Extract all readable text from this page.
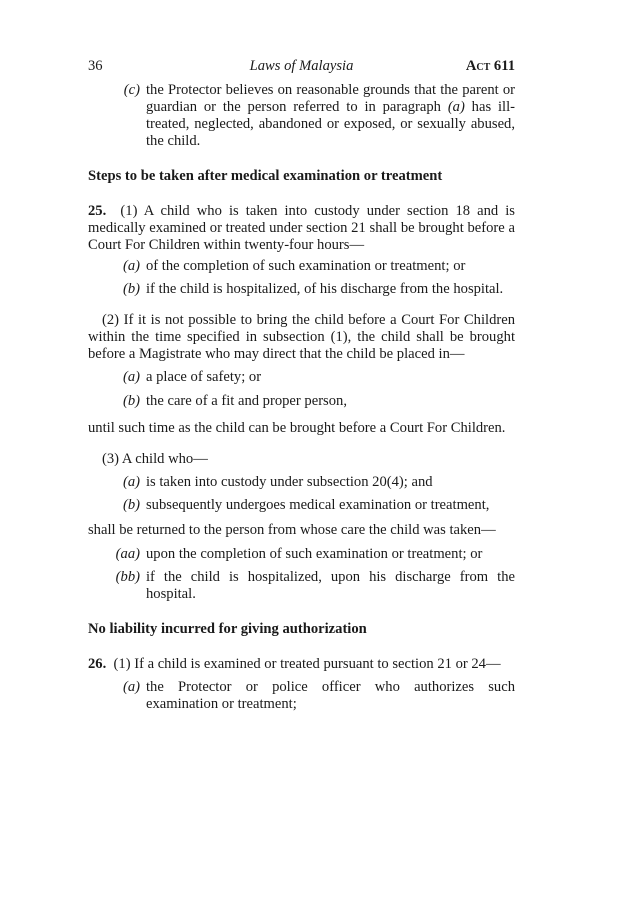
36	Laws of Malaysia	Act 611
(c) the Protector believes on reasonable grounds that the parent or guardian or the person referred to in paragraph (a) has ill-treated, neglected, abandoned or exposed, or sexually abused, the child.

Steps to be taken after medical examination or treatment

25. (1) A child who is taken into custody under section 18 and is medically examined or treated under section 21 shall be brought before a Court For Children within twenty-four hours—

(a) of the completion of such examination or treatment; or
(b) if the child is hospitalized, of his discharge from the hospital.

(2) If it is not possible to bring the child before a Court For Children within the time specified in subsection (1), the child shall be brought before a Magistrate who may direct that the child be placed in—

(a) a place of safety; or
(b) the care of a fit and proper person,

until such time as the child can be brought before a Court For Children.

(3) A child who—

(a) is taken into custody under subsection 20(4); and
(b) subsequently undergoes medical examination or treatment,

shall be returned to the person from whose care the child was taken—

(aa) upon the completion of such examination or treatment; or
(bb) if the child is hospitalized, upon his discharge from the hospital.

No liability incurred for giving authorization

26. (1) If a child is examined or treated pursuant to section 21 or 24—

(a) the Protector or police officer who authorizes such examination or treatment;
